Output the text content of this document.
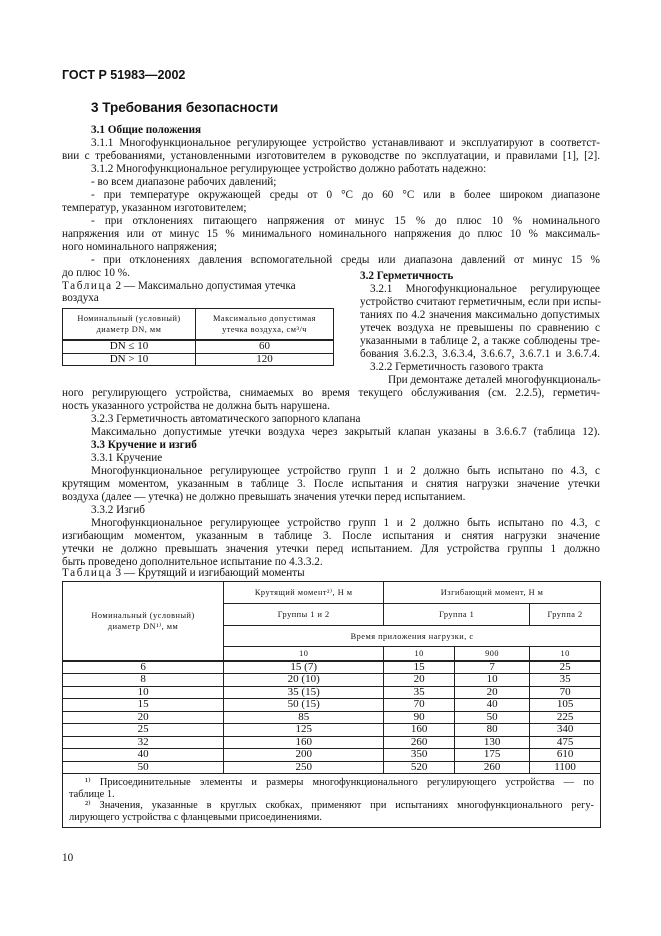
ГОСТ Р 51983—2002
3 Требования безопасности
3.1 Общие положения
3.1.1 Многофункциональное регулирующее устройство устанавливают и эксплуатируют в соответст-
вии с требованиями, установленными изготовителем в руководстве по эксплуатации, и правилами [1], [2].
3.1.2 Многофункциональное регулирующее устройство должно работать надежно:
- во всем диапазоне рабочих давлений;
- при температуре окружающей среды от 0 °С до 60 °С или в более широком диапазоне
температур, указанном изготовителем;
- при отклонениях питающего напряжения от минус 15 % до плюс 10 % номинального
напряжения или от минус 15 % минимального номинального напряжения до плюс 10 % максималь-
ного номинального напряжения;
- при отклонениях давления вспомогательной среды или диапазона давлений от минус 15 %
до плюс 10 %.
Таблица 2 — Максимально допустимая утечка
воздуха
Номинальный (условный)
диаметр DN, мм	Максимально допустимая
утечка воздуха, см³/ч
DN ≤ 10	60
DN > 10	120
3.2 Герметичность
3.2.1 Многофункциональное регулирующее
устройство считают герметичным, если при испы-
таниях по 4.2 значения максимально допустимых
утечек воздуха не превышены по сравнению с
указанными в таблице 2, а также соблюдены тре-
бования 3.6.2.3, 3.6.3.4, 3.6.6.7, 3.6.7.1 и 3.6.7.4.
3.2.2 Герметичность газового тракта
При демонтаже деталей многофункциональ-
ного регулирующего устройства, снимаемых во время текущего обслуживания (см. 2.2.5), герметич-
ность указанного устройства не должна быть нарушена.
3.2.3 Герметичность автоматического запорного клапана
Максимально допустимые утечки воздуха через закрытый клапан указаны в 3.6.6.7 (таблица 12).
3.3 Кручение и изгиб
3.3.1 Кручение
Многофункциональное регулирующее устройство групп 1 и 2 должно быть испытано по 4.3, с
крутящим моментом, указанным в таблице 3. После испытания и снятия нагрузки значение утечки
воздуха (далее — утечка) не должно превышать значения утечки перед испытанием.
3.3.2 Изгиб
Многофункциональное регулирующее устройство групп 1 и 2 должно быть испытано по 4.3, с
изгибающим моментом, указанным в таблице 3. После испытания и снятия нагрузки значение
утечки не должно превышать значения утечки перед испытанием. Для устройства группы 1 должно
быть проведено дополнительное испытание по 4.3.3.2.
Таблица 3 — Крутящий и изгибающий моменты
Номинальный (условный)
диаметр DN¹⁾, мм	Крутящий момент²⁾, Н м	Изгибающий момент, Н м		
	Группы 1 и 2	Группа 1		Группа 2
	Время приложения нагрузки, с			
	10	10	900	10
6	15 (7)	15	7	25
8	20 (10)	20	10	35
10	35 (15)	35	20	70
15	50 (15)	70	40	105
20	85	90	50	225
25	125	160	80	340
32	160	260	130	475
40	200	350	175	610
50	250	520	260	1100

¹⁾ Присоединительные элементы и размеры многофункционального регулирующего устройства — по
таблице 1.
²⁾ Значения, указанные в круглых скобках, применяют при испытаниях многофункционального регу-
лирующего устройства с фланцевыми присоединениями.				
10
